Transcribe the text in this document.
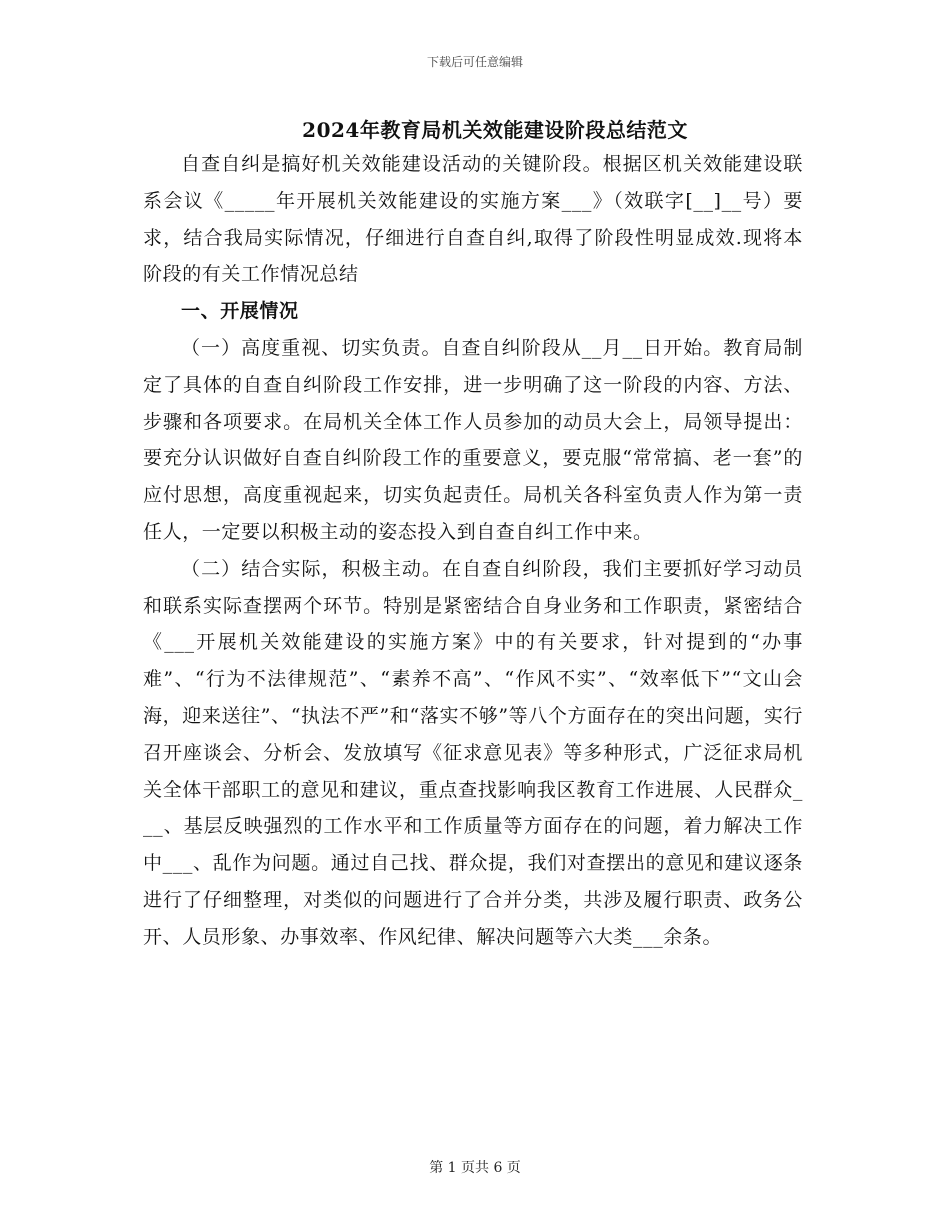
下载后可任意编辑
2024年教育局机关效能建设阶段总结范文

自查自纠是搞好机关效能建设活动的关键阶段。根据区机关效能建设联系会议《_____年开展机关效能建设的实施方案___》（效联字[__]__号）要求，结合我局实际情况，仔细进行自查自纠,取得了阶段性明显成效.现将本阶段的有关工作情况总结

一、开展情况

（一）高度重视、切实负责。自查自纠阶段从__月__日开始。教育局制定了具体的自查自纠阶段工作安排，进一步明确了这一阶段的内容、方法、步骤和各项要求。在局机关全体工作人员参加的动员大会上，局领导提出：要充分认识做好自查自纠阶段工作的重要意义，要克服“常常搞、老一套”的应付思想，高度重视起来，切实负起责任。局机关各科室负责人作为第一责任人，一定要以积极主动的姿态投入到自查自纠工作中来。

（二）结合实际，积极主动。在自查自纠阶段，我们主要抓好学习动员和联系实际查摆两个环节。特别是紧密结合自身业务和工作职责，紧密结合《___开展机关效能建设的实施方案》中的有关要求，针对提到的“办事难”、“行为不法律规范”、“素养不高”、“作风不实”、“效率低下”“文山会海，迎来送往”、“执法不严”和“落实不够”等八个方面存在的突出问题，实行召开座谈会、分析会、发放填写《征求意见表》等多种形式，广泛征求局机关全体干部职工的意见和建议，重点查找影响我区教育工作进展、人民群众___、基层反映强烈的工作水平和工作质量等方面存在的问题，着力解决工作中___、乱作为问题。通过自己找、群众提，我们对查摆出的意见和建议逐条进行了仔细整理，对类似的问题进行了合并分类，共涉及履行职责、政务公开、人员形象、办事效率、作风纪律、解决问题等六大类___余条。

第 1 页共 6 页
